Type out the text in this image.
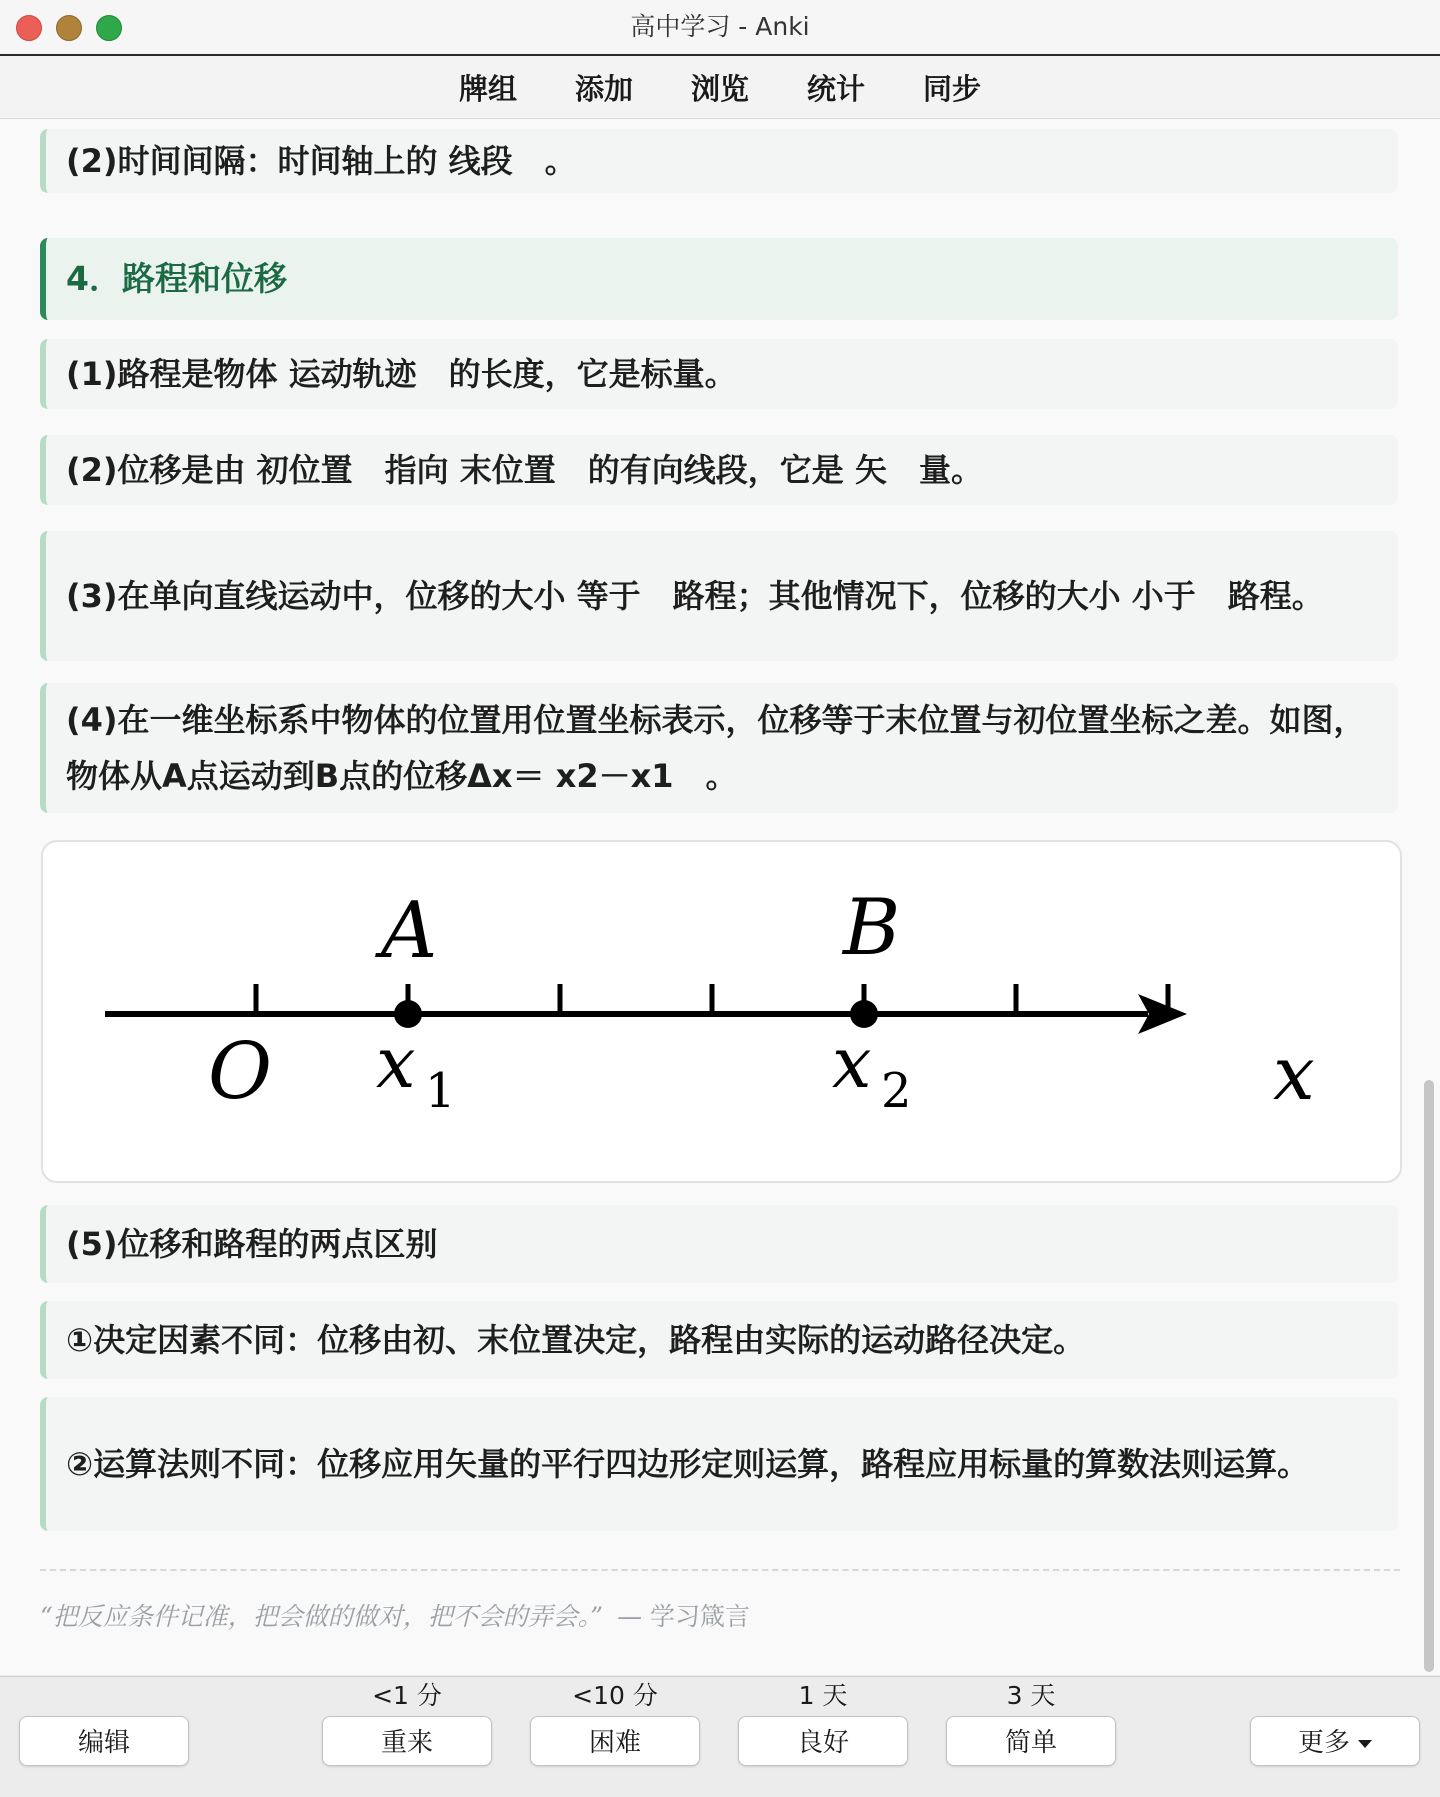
高中学习 - Anki
牌组 添加 浏览 统计 同步
(2)时间间隔：时间轴上的 线段　。
4．路程和位移
(1)路程是物体 运动轨迹　的长度，它是标量。
(2)位移是由 初位置　指向 末位置　的有向线段，它是 矢　量。
(3)在单向直线运动中，位移的大小 等于　路程；其他情况下，位移的大小 小于　路程。
(4)在一维坐标系中物体的位置用位置坐标表示，位移等于末位置与初位置坐标之差。如图，物体从A点运动到B点的位移Δx＝ x2－x1　。
A	B
O x 1	x 2	x
(5)位移和路程的两点区别
①决定因素不同：位移由初、末位置决定，路程由实际的运动路径决定。
②运算法则不同：位移应用矢量的平行四边形定则运算，路程应用标量的算数法则运算。
“把反应条件记准，把会做的做对，把不会的弄会。” — 学习箴言
<1 分	<10 分	1 天	3 天
编辑	重来	困难	良好	简单	更多
